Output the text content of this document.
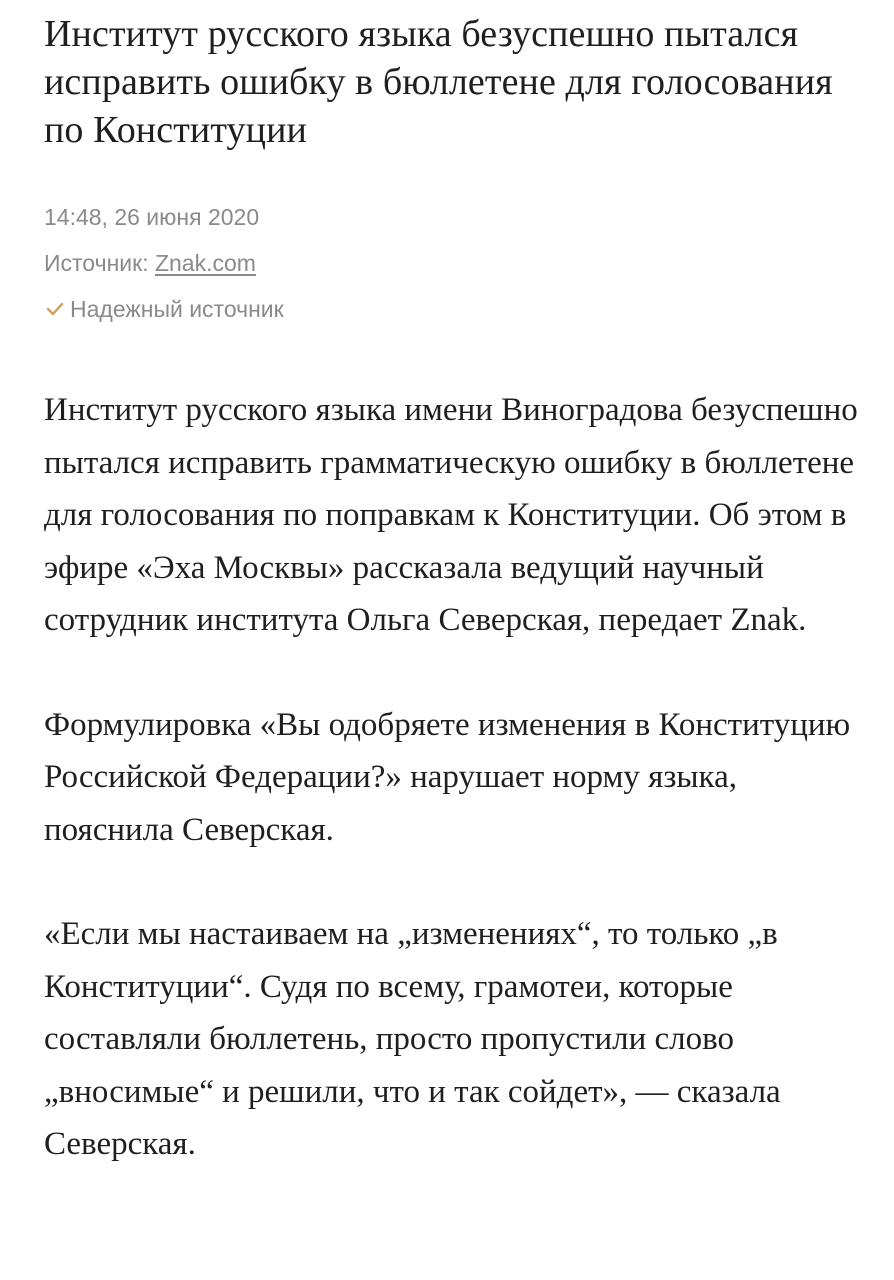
Институт русского языка безуспешно пытался исправить ошибку в бюллетене для голосования по Конституции
14:48, 26 июня 2020
Источник: Znak.com
Надежный источник

Институт русского языка имени Виноградова безуспешно пытался исправить грамматическую ошибку в бюллетене для голосования по поправкам к Конституции. Об этом в эфире «Эха Москвы» рассказала ведущий научный сотрудник института Ольга Северская, передает Znak.

Формулировка «Вы одобряете изменения в Конституцию Российской Федерации?» нарушает норму языка, пояснила Северская.

«Если мы настаиваем на „изменениях“, то только „в Конституции“. Судя по всему, грамотеи, которые составляли бюллетень, просто пропустили слово „вносимые“ и решили, что и так сойдет», — сказала Северская.
